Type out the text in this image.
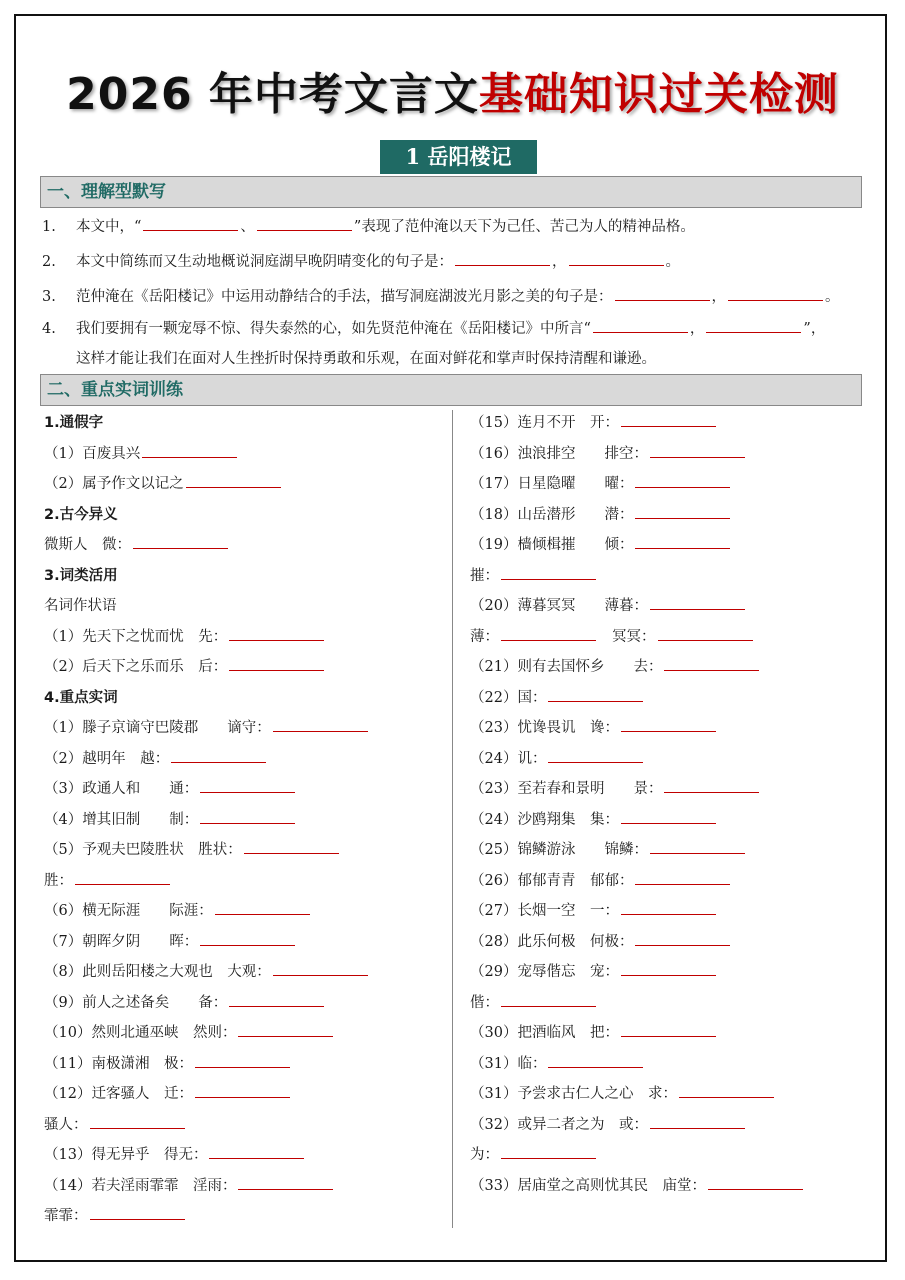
2026 年中考文言文基础知识过关检测
1 岳阳楼记
一、理解型默写
1. 本文中，“	、	”表现了范仲淹以天下为己任、苦己为人的精神品格。
2. 本文中简练而又生动地概说洞庭湖早晚阴晴变化的句子是：	，	。
3. 范仲淹在《岳阳楼记》中运用动静结合的手法，描写洞庭湖波光月影之美的句子是：	，	。
4. 我们要拥有一颗宠辱不惊、得失泰然的心，如先贤范仲淹在《岳阳楼记》中所言“	，	”，
这样才能让我们在面对人生挫折时保持勇敢和乐观，在面对鲜花和掌声时保持清醒和谦逊。
二、重点实词训练
1.通假字
（1）百废具兴
（2）属予作文以记之
2.古今异义
微斯人　微：
3.词类活用
名词作状语
（1）先天下之忧而忧　先：
（2）后天下之乐而乐　后：
4.重点实词
（1）滕子京谪守巴陵郡　　谪守：
（2）越明年　越：
（3）政通人和　　通：
（4）增其旧制　　制：
（5）予观夫巴陵胜状　胜状：
胜：
（6）横无际涯　　际涯：
（7）朝晖夕阴　　晖：
（8）此则岳阳楼之大观也　大观：
（9）前人之述备矣　　备：
（10）然则北通巫峡　然则：
（11）南极潇湘　极：
（12）迁客骚人　迁：
骚人：
（13）得无异乎　得无：
（14）若夫淫雨霏霏　淫雨：
霏霏：
（15）连月不开　开：
（16）浊浪排空　　排空：
（17）日星隐曜　　曜：
（18）山岳潜形　　潜：
（19）樯倾楫摧　　倾：
摧：
（20）薄暮冥冥　　薄暮：
薄：	冥冥：
（21）则有去国怀乡　　去：
（22）国：
（23）忧谗畏讥　谗：
（24）讥：
（23）至若春和景明　　景：
（24）沙鸥翔集　集：
（25）锦鳞游泳　　锦鳞：
（26）郁郁青青　郁郁：
（27）长烟一空　一：
（28）此乐何极　何极：
（29）宠辱偕忘　宠：
偕：
（30）把酒临风　把：
（31）临：
（31）予尝求古仁人之心　求：
（32）或异二者之为　或：
为：
（33）居庙堂之高则忧其民　庙堂：
